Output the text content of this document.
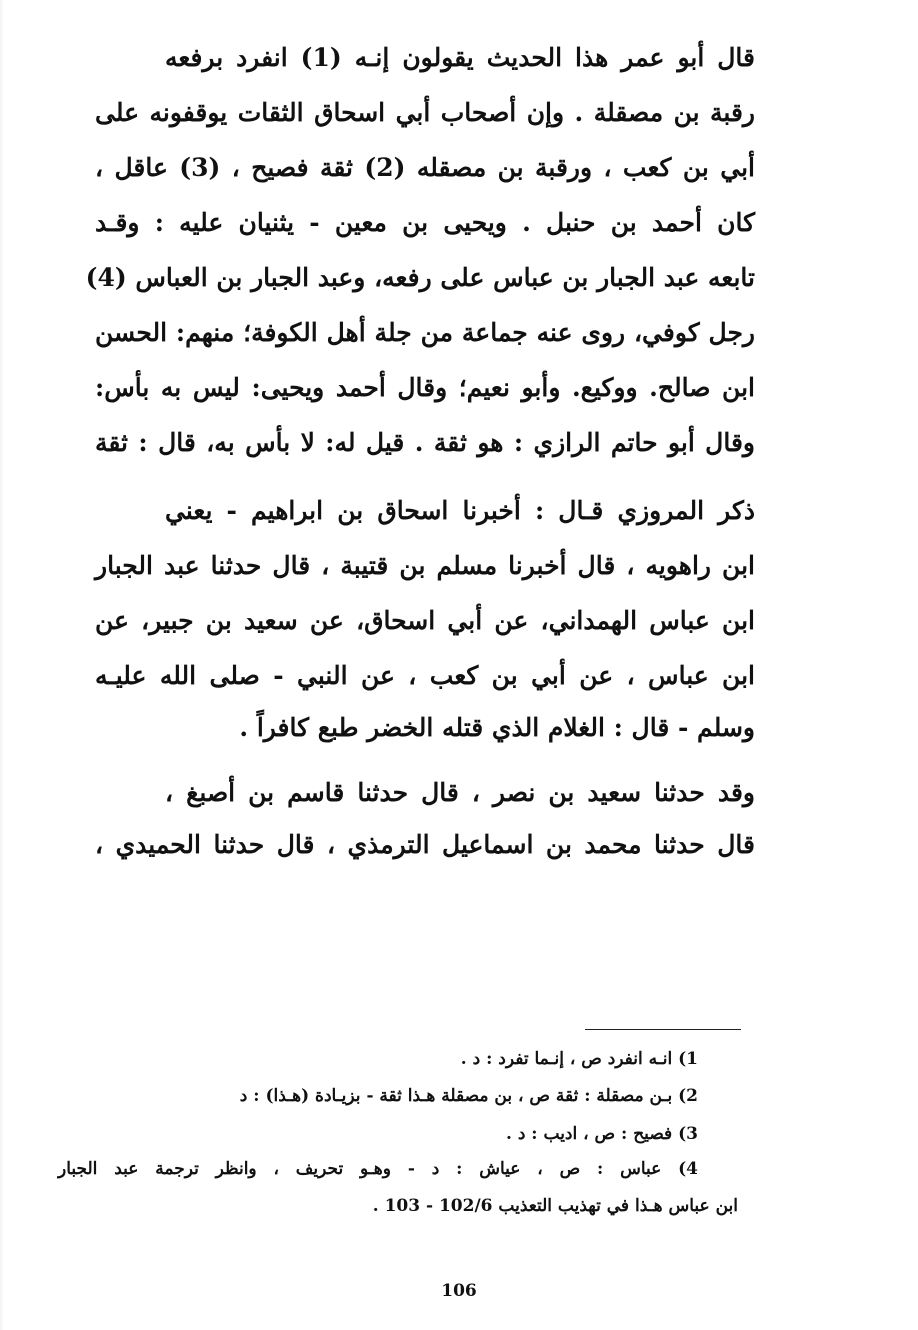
قال أبو عمر هذا الحديث يقولون إنـه (1) انفرد برفعه
رقبة بن مصقلة . وإن أصحاب أبي اسحاق الثقات يوقفونه على
أبي بن كعب ، ورقبة بن مصقله (2) ثقة فصيح ، (3) عاقل ،
كان أحمد بن حنبل . ويحيى بن معين - يثنيان عليه : وقـد
تابعه عبد الجبار بن عباس على رفعه، وعبد الجبار بن العباس (4)
رجل كوفي، روى عنه جماعة من جلة أهل الكوفة؛ منهم: الحسن
ابن صالح. ووكيع. وأبو نعيم؛ وقال أحمد ويحيى: ليس به بأس:
وقال أبو حاتم الرازي : هو ثقة . قيل له: لا بأس به، قال : ثقة
ذكر المروزي قـال : أخبرنا اسحاق بن ابراهيم - يعني
ابن راهويه ، قال أخبرنا مسلم بن قتيبة ، قال حدثنا عبد الجبار
ابن عباس الهمداني، عن أبي اسحاق، عن سعيد بن جبير، عن
ابن عباس ، عن أبي بن كعب ، عن النبي - صلى الله عليـه
وسلم - قال : الغلام الذي قتله الخضر طبع كافراً .
وقد حدثنا سعيد بن نصر ، قال حدثنا قاسم بن أصبغ ،
قال حدثنا محمد بن اسماعيل الترمذي ، قال حدثنا الحميدي ،
1) انـه انفرد ص ، إنـما تفرد : د .
2) بـن مصقلة : ثقة ص ، بن مصقلة هـذا ثقة - بزيـادة (هـذا) : د
3) فصيح : ص ، اديب : د .
4) عباس : ص ، عياش : د - وهـو تحريف ، وانظر ترجمة عبد الجبار
ابن عباس هـذا في تهذيب التعذيب 102/6 - 103 .
106
